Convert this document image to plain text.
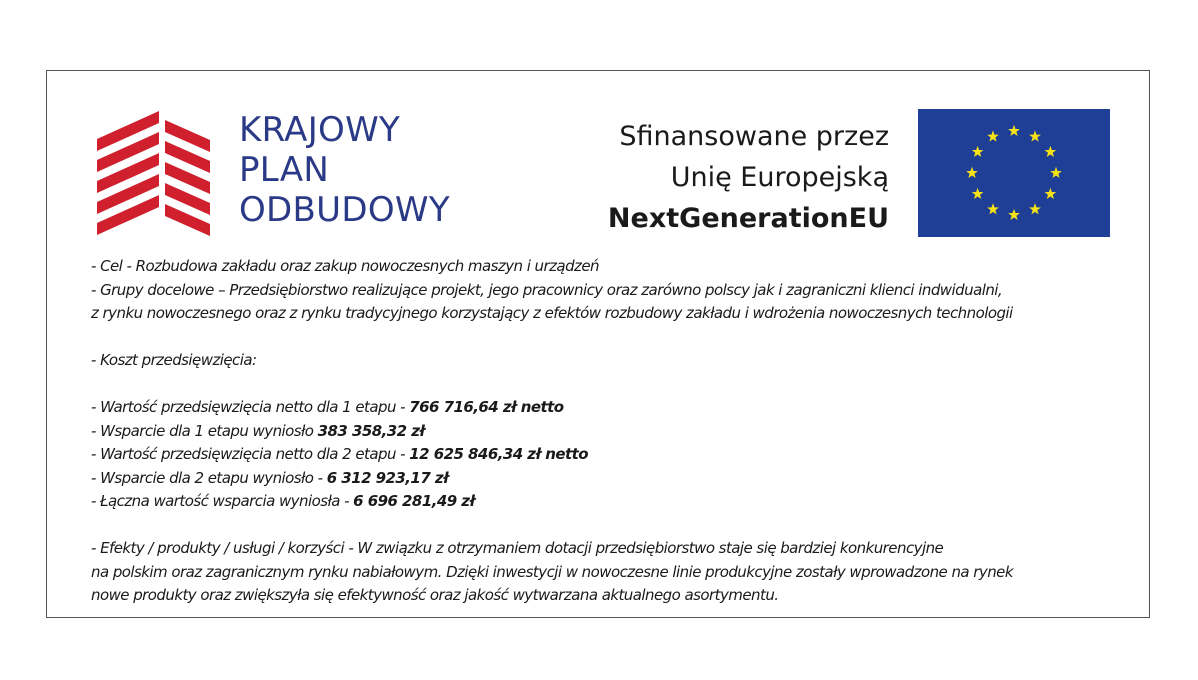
KRAJOWY
PLAN
ODBUDOWY
Sfinansowane przez
Unię Europejską
NextGenerationEU

- Cel - Rozbudowa zakładu oraz zakup nowoczesnych maszyn i urządzeń

- Grupy docelowe – Przedsiębiorstwo realizujące projekt, jego pracownicy oraz zarówno polscy jak i zagraniczni klienci indwidualni,

z rynku nowoczesnego oraz z rynku tradycyjnego korzystający z efektów rozbudowy zakładu i wdrożenia nowoczesnych technologii

- Koszt przedsięwzięcia:

- Wartość przedsięwzięcia netto dla 1 etapu - 766 716,64 zł netto

- Wsparcie dla 1 etapu wyniosło 383 358,32 zł

- Wartość przedsięwzięcia netto dla 2 etapu - 12 625 846,34 zł netto

- Wsparcie dla 2 etapu wyniosło - 6 312 923,17 zł

- Łączna wartość wsparcia wyniosła - 6 696 281,49 zł

- Efekty / produkty / usługi / korzyści - W związku z otrzymaniem dotacji przedsiębiorstwo staje się bardziej konkurencyjne

na polskim oraz zagranicznym rynku nabiałowym. Dzięki inwestycji w nowoczesne linie produkcyjne zostały wprowadzone na rynek

nowe produkty oraz zwiększyła się efektywność oraz jakość wytwarzana aktualnego asortymentu.
